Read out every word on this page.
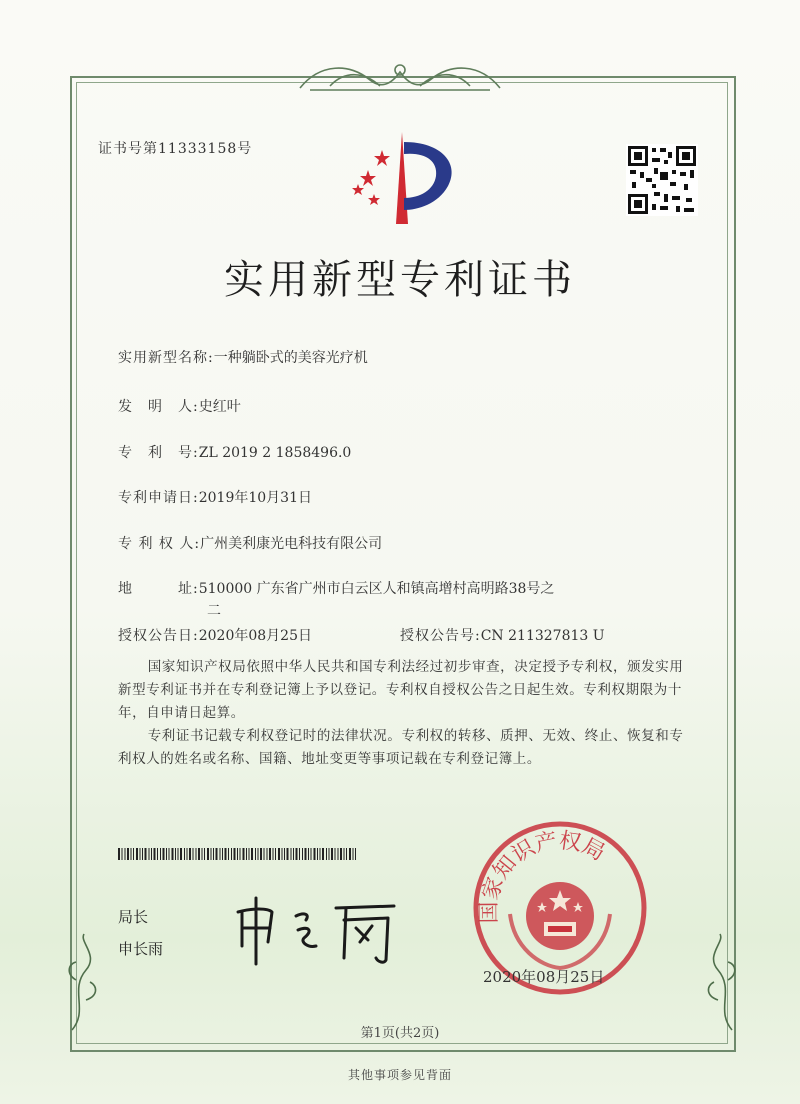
证书号第11333158号
实用新型专利证书
实用新型名称:一种躺卧式的美容光疗机
发　明　人:史红叶
专　利　号:ZL 2019 2 1858496.0
专利申请日:2019年10月31日
专 利 权 人:广州美利康光电科技有限公司
地　　　址:510000 广东省广州市白云区人和镇高增村高明路38号之
二
授权公告日:2020年08月25日	授权公告号:CN 211327813 U

国家知识产权局依照中华人民共和国专利法经过初步审查，决定授予专利权，颁发实用新型专利证书并在专利登记簿上予以登记。专利权自授权公告之日起生效。专利权期限为十年，自申请日起算。

专利证书记载专利权登记时的法律状况。专利权的转移、质押、无效、终止、恢复和专利权人的姓名或名称、国籍、地址变更等事项记载在专利登记簿上。

局长
申长雨
国家知识产权局
2020年08月25日
第1页(共2页)
其他事项参见背面
